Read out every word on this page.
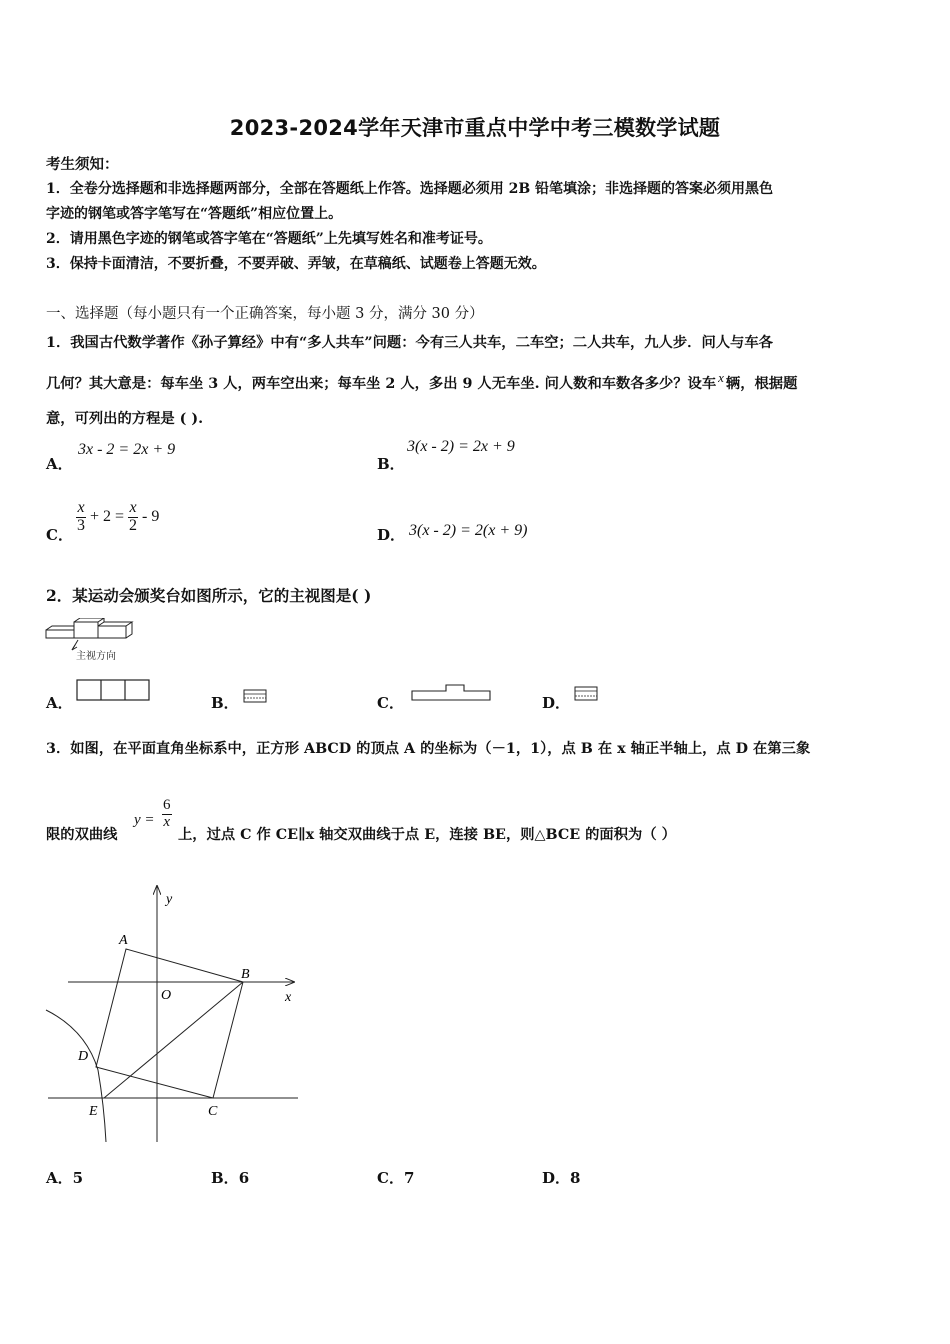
2023-2024学年天津市重点中学中考三模数学试题
考生须知：
1．全卷分选择题和非选择题两部分，全部在答题纸上作答。选择题必须用 2B 铅笔填涂；非选择题的答案必须用黑色
字迹的钢笔或答字笔写在“答题纸”相应位置上。
2．请用黑色字迹的钢笔或答字笔在“答题纸”上先填写姓名和准考证号。
3．保持卡面清洁，不要折叠，不要弄破、弄皱，在草稿纸、试题卷上答题无效。
一、选择题（每小题只有一个正确答案，每小题 3 分，满分 30 分）
1．我国古代数学著作《孙子算经》中有“多人共车”问题：今有三人共车，二车空；二人共车，九人步．问人与车各
几何？其大意是：每车坐 3 人，两车空出来；每车坐 2 人，多出 9 人无车坐. 问人数和车数各多少？设车 x 辆，根据题
意，可列出的方程是 ( ).
A．
3x - 2 = 2x + 9
B．
3(x - 2) = 2x + 9
C．
$\frac{x}{3} + 2 = \frac{x}{2} - 9$
D． 3(x - 2) = 2(x + 9)
2．某运动会颁奖台如图所示，它的主视图是( )
主视方向
A．	B．	C．	D．
3．如图，在平面直角坐标系中，正方形 ABCD 的顶点 A 的坐标为（－1，1），点 B 在 x 轴正半轴上，点 D 在第三象
限的双曲线
$y = \frac{6}{x}$
上，过点 C 作 CE∥x 轴交双曲线于点 E，连接 BE，则△BCE 的面积为（ ）
y
x
O
A
B
C
D
E
A．5	B．6	C．7	D．8
